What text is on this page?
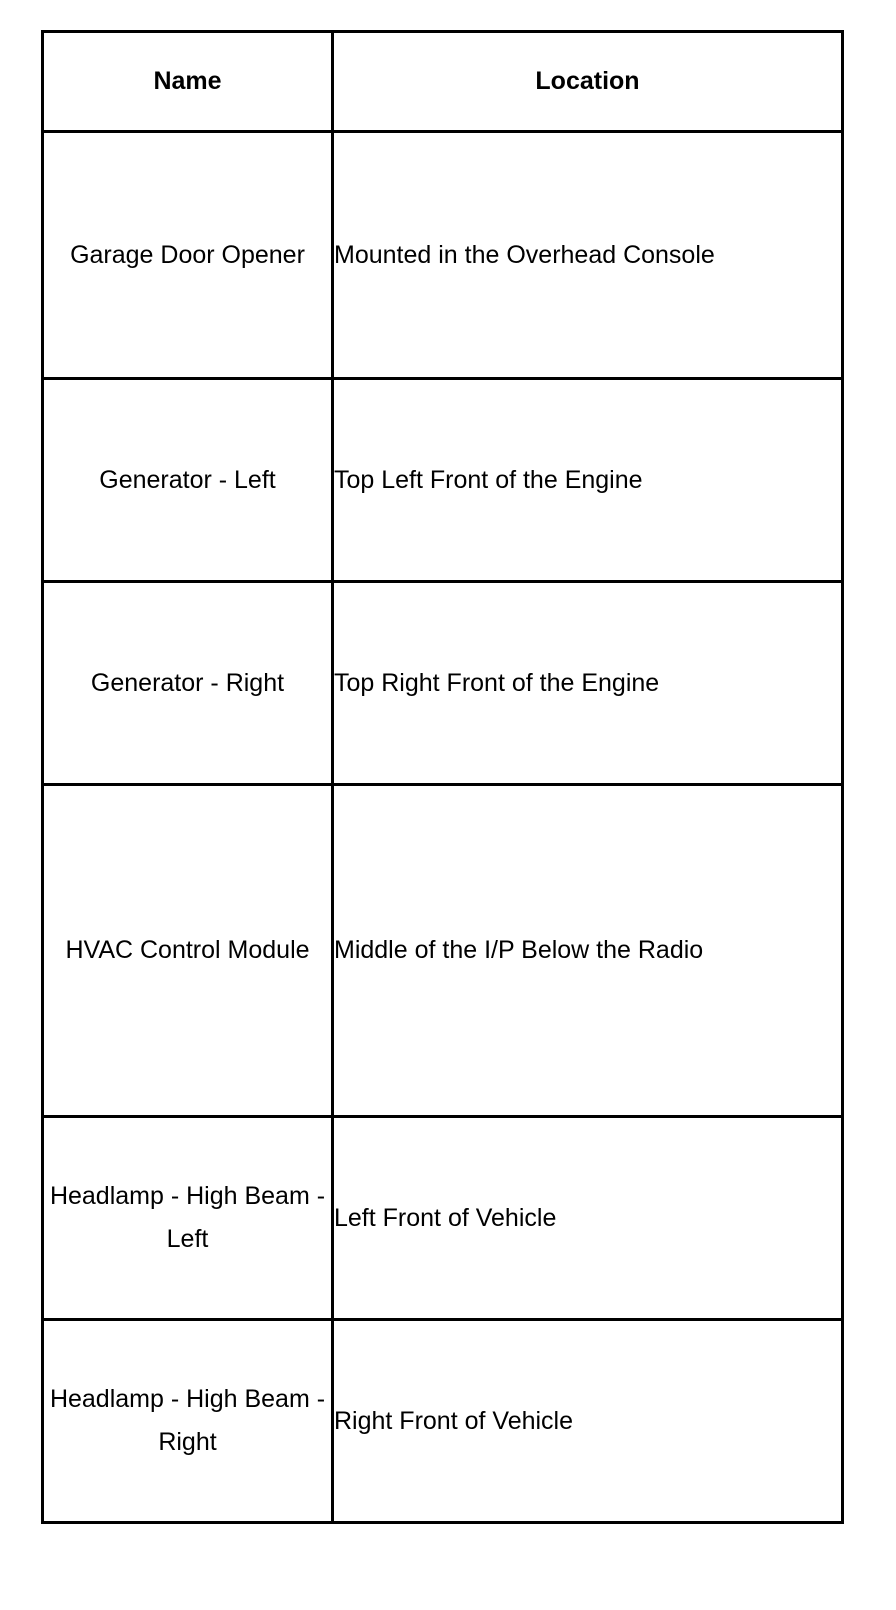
Name	Location
Garage Door Opener	Mounted in the Overhead Console
Generator - Left	Top Left Front of the Engine
Generator - Right	Top Right Front of the Engine
HVAC Control Module	Middle of the I/P Below the Radio
Headlamp - High Beam - Left	Left Front of Vehicle
Headlamp - High Beam - Right	Right Front of Vehicle
